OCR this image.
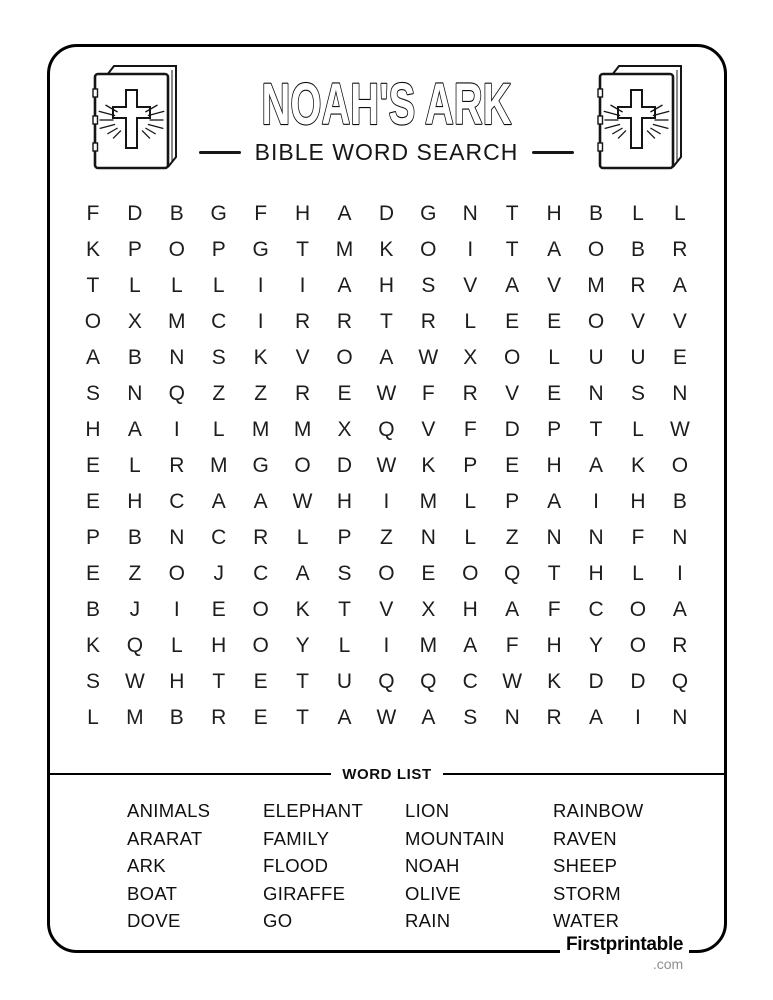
NOAH'S ARK
BIBLE WORD SEARCH
F	D	B	G	F	H	A	D	G	N	T	H	B	L	L
K	P	O	P	G	T	M	K	O	I	T	A	O	B	R
T	L	L	L	I	I	A	H	S	V	A	V	M	R	A
O	X	M	C	I	R	R	T	R	L	E	E	O	V	V
A	B	N	S	K	V	O	A	W	X	O	L	U	U	E
S	N	Q	Z	Z	R	E	W	F	R	V	E	N	S	N
H	A	I	L	M	M	X	Q	V	F	D	P	T	L	W
E	L	R	M	G	O	D	W	K	P	E	H	A	K	O
E	H	C	A	A	W	H	I	M	L	P	A	I	H	B
P	B	N	C	R	L	P	Z	N	L	Z	N	N	F	N
E	Z	O	J	C	A	S	O	E	O	Q	T	H	L	I
B	J	I	E	O	K	T	V	X	H	A	F	C	O	A
K	Q	L	H	O	Y	L	I	M	A	F	H	Y	O	R
S	W	H	T	E	T	U	Q	Q	C	W	K	D	D	Q
L	M	B	R	E	T	A	W	A	S	N	R	A	I	N
WORD LIST
ANIMALS
ARARAT
ARK
BOAT
DOVE
ELEPHANT
FAMILY
FLOOD
GIRAFFE
GO
LION
MOUNTAIN
NOAH
OLIVE
RAIN
RAINBOW
RAVEN
SHEEP
STORM
WATER
Firstprintable
.com
